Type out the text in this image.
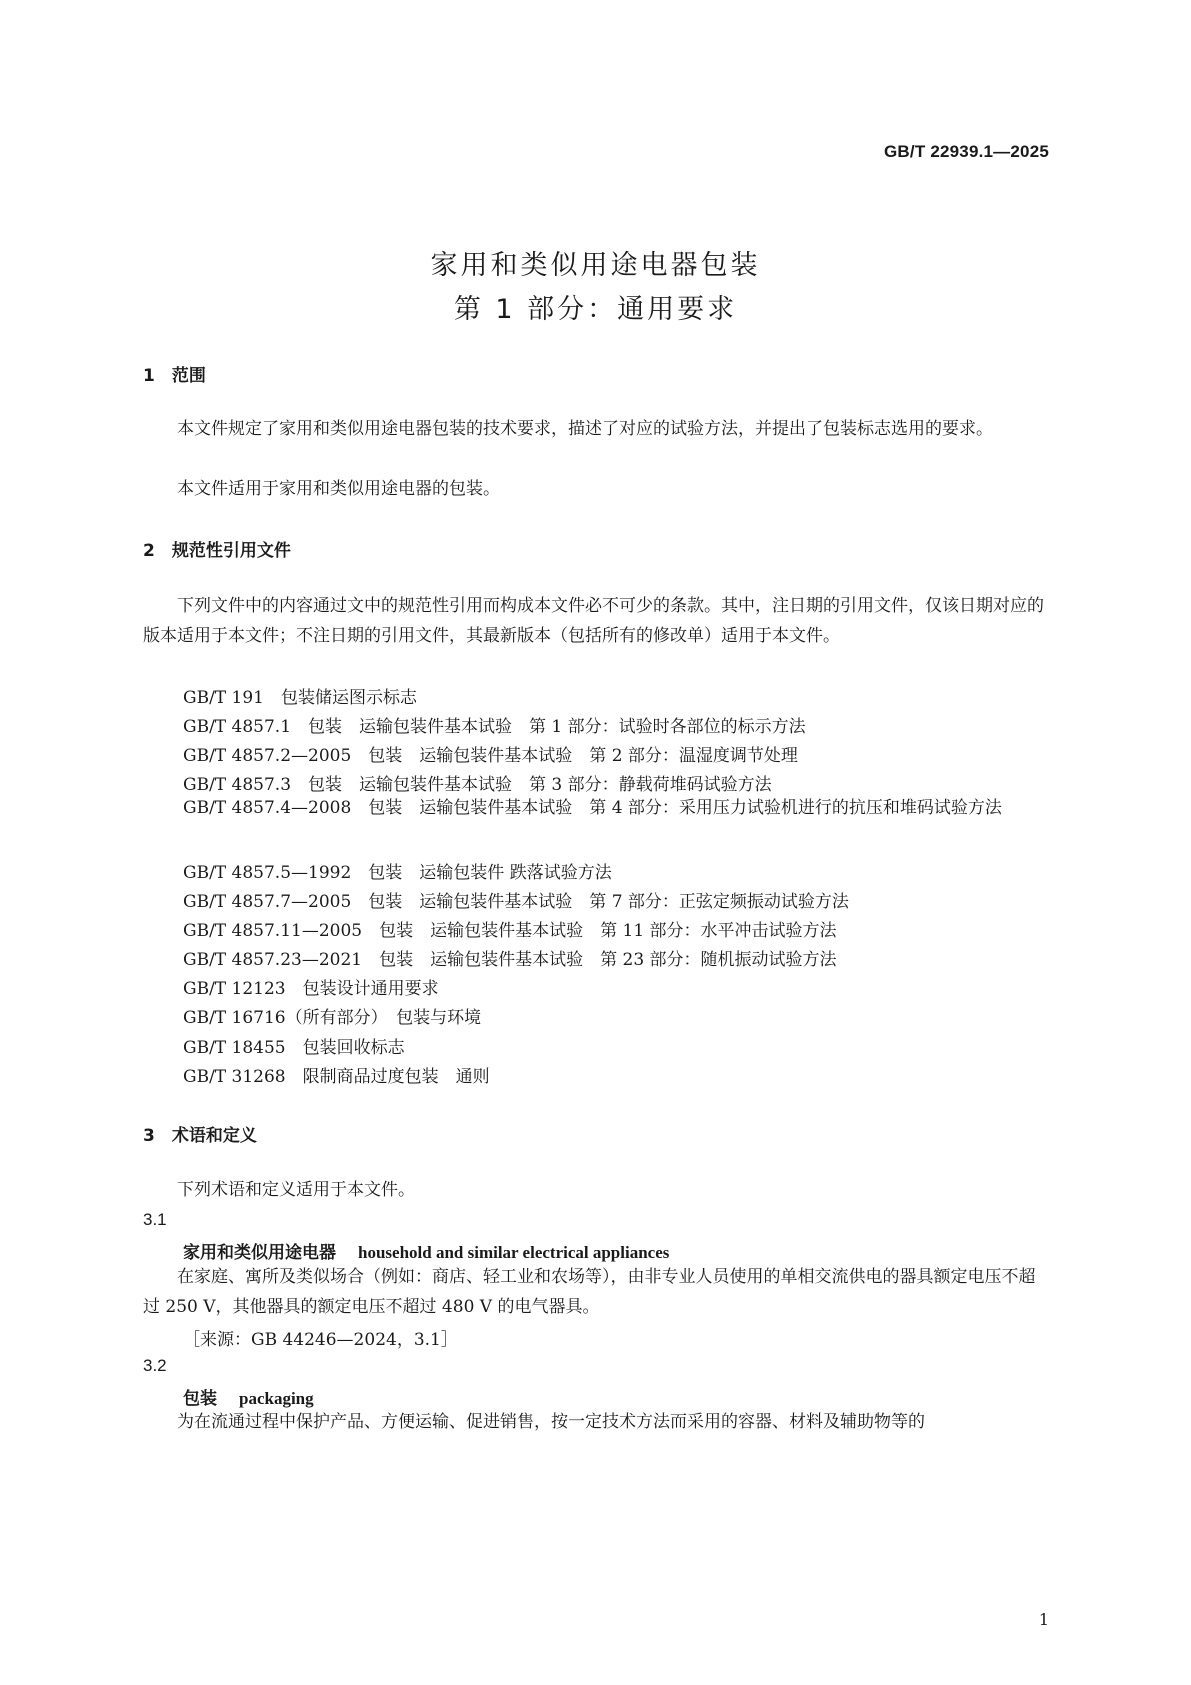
GB/T 22939.1—2025
家用和类似用途电器包装
第 1 部分：通用要求
1　范围
本文件规定了家用和类似用途电器包装的技术要求，描述了对应的试验方法，并提出了包装标志选用的要求。
本文件适用于家用和类似用途电器的包装。
2　规范性引用文件
下列文件中的内容通过文中的规范性引用而构成本文件必不可少的条款。其中，注日期的引用文件，仅该日期对应的版本适用于本文件；不注日期的引用文件，其最新版本（包括所有的修改单）适用于本文件。
GB/T 191　包装储运图示标志
GB/T 4857.1　包装　运输包装件基本试验　第 1 部分：试验时各部位的标示方法
GB/T 4857.2—2005　包装　运输包装件基本试验　第 2 部分：温湿度调节处理
GB/T 4857.3　包装　运输包装件基本试验　第 3 部分：静载荷堆码试验方法
GB/T 4857.4—2008　包装　运输包装件基本试验　第 4 部分：采用压力试验机进行的抗压和堆码试验方法
GB/T 4857.5—1992　包装　运输包装件 跌落试验方法
GB/T 4857.7—2005　包装　运输包装件基本试验　第 7 部分：正弦定频振动试验方法
GB/T 4857.11—2005　包装　运输包装件基本试验　第 11 部分：水平冲击试验方法
GB/T 4857.23—2021　包装　运输包装件基本试验　第 23 部分：随机振动试验方法
GB/T 12123　包装设计通用要求
GB/T 16716（所有部分）　包装与环境
GB/T 18455　包装回收标志
GB/T 31268　限制商品过度包装　通则
3　术语和定义
下列术语和定义适用于本文件。
3.1
家用和类似用途电器 household and similar electrical appliances
在家庭、寓所及类似场合（例如：商店、轻工业和农场等），由非专业人员使用的单相交流供电的器具额定电压不超过 250 V，其他器具的额定电压不超过 480 V 的电气器具。
［来源：GB 44246—2024，3.1］
3.2
包装 packaging
为在流通过程中保护产品、方便运输、促进销售，按一定技术方法而采用的容器、材料及辅助物等的
1
